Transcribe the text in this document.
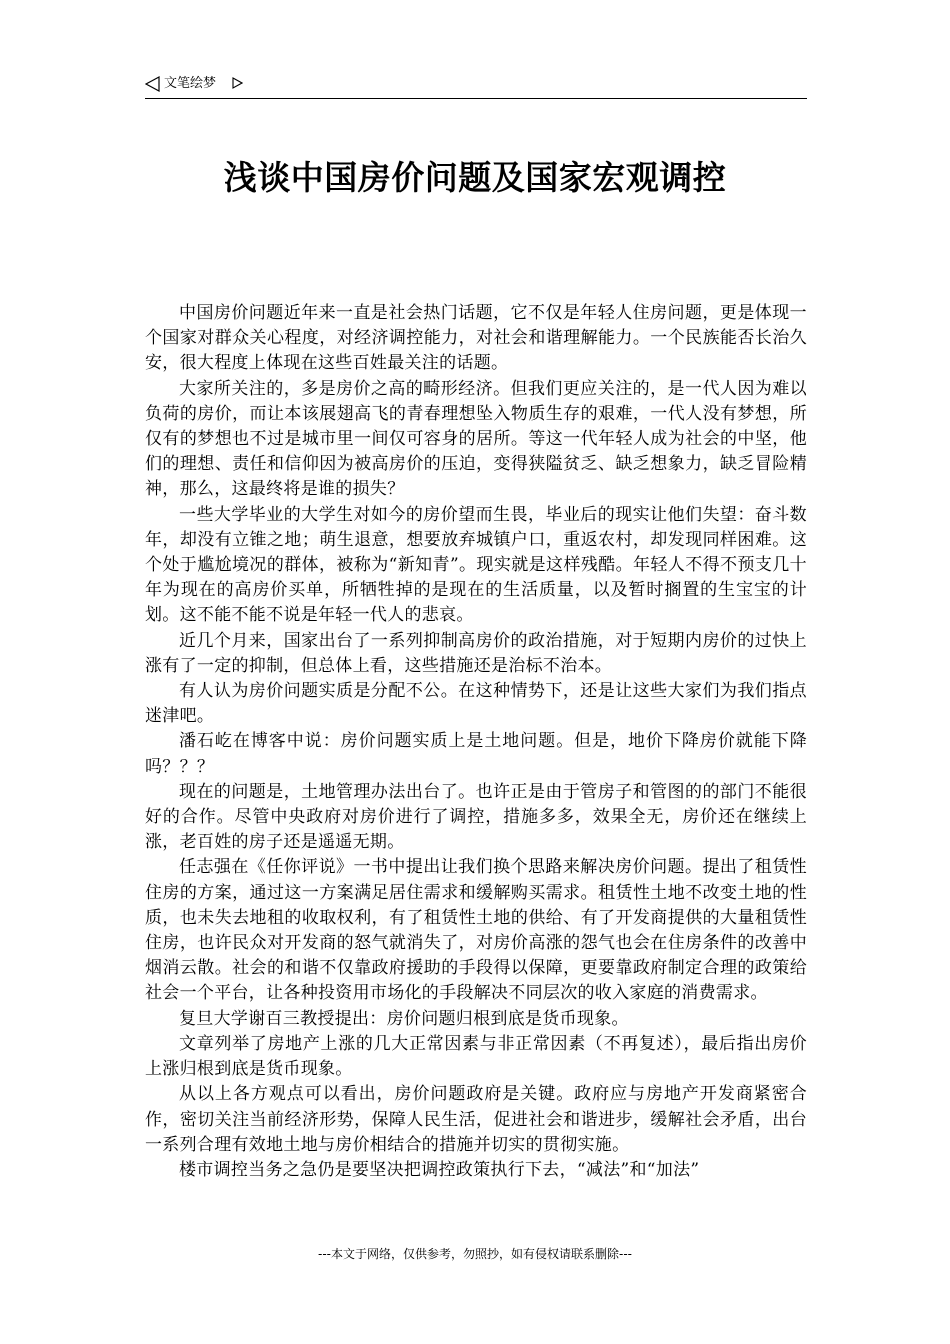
文笔绘梦
浅谈中国房价问题及国家宏观调控

中国房价问题近年来一直是社会热门话题，它不仅是年轻人住房问题，更是体现一个国家对群众关心程度，对经济调控能力，对社会和谐理解能力。一个民族能否长治久安，很大程度上体现在这些百姓最关注的话题。

大家所关注的，多是房价之高的畸形经济。但我们更应关注的，是一代人因为难以负荷的房价，而让本该展翅高飞的青春理想坠入物质生存的艰难，一代人没有梦想，所仅有的梦想也不过是城市里一间仅可容身的居所。等这一代年轻人成为社会的中坚，他们的理想、责任和信仰因为被高房价的压迫，变得狭隘贫乏、缺乏想象力，缺乏冒险精神，那么，这最终将是谁的损失？

一些大学毕业的大学生对如今的房价望而生畏，毕业后的现实让他们失望：奋斗数年，却没有立锥之地；萌生退意，想要放弃城镇户口，重返农村，却发现同样困难。这个处于尴尬境况的群体，被称为“新知青”。现实就是这样残酷。年轻人不得不预支几十年为现在的高房价买单，所牺牲掉的是现在的生活质量，以及暂时搁置的生宝宝的计划。这不能不能不说是年轻一代人的悲哀。

近几个月来，国家出台了一系列抑制高房价的政治措施，对于短期内房价的过快上涨有了一定的抑制，但总体上看，这些措施还是治标不治本。

有人认为房价问题实质是分配不公。在这种情势下，还是让这些大家们为我们指点迷津吧。

潘石屹在博客中说：房价问题实质上是土地问题。但是，地价下降房价就能下降吗？？？

现在的问题是，土地管理办法出台了。也许正是由于管房子和管图的的部门不能很好的合作。尽管中央政府对房价进行了调控，措施多多，效果全无，房价还在继续上涨，老百姓的房子还是遥遥无期。

任志强在《任你评说》一书中提出让我们换个思路来解决房价问题。提出了租赁性住房的方案，通过这一方案满足居住需求和缓解购买需求。租赁性土地不改变土地的性质，也未失去地租的收取权利，有了租赁性土地的供给、有了开发商提供的大量租赁性住房，也许民众对开发商的怒气就消失了，对房价高涨的怨气也会在住房条件的改善中烟消云散。社会的和谐不仅靠政府援助的手段得以保障，更要靠政府制定合理的政策给社会一个平台，让各种投资用市场化的手段解决不同层次的收入家庭的消费需求。

复旦大学谢百三教授提出：房价问题归根到底是货币现象。

文章列举了房地产上涨的几大正常因素与非正常因素（不再复述），最后指出房价上涨归根到底是货币现象。

从以上各方观点可以看出，房价问题政府是关键。政府应与房地产开发商紧密合作，密切关注当前经济形势，保障人民生活，促进社会和谐进步，缓解社会矛盾，出台一系列合理有效地土地与房价相结合的措施并切实的贯彻实施。

楼市调控当务之急仍是要坚决把调控政策执行下去，“减法”和“加法”

---本文于网络，仅供参考，勿照抄，如有侵权请联系删除---
